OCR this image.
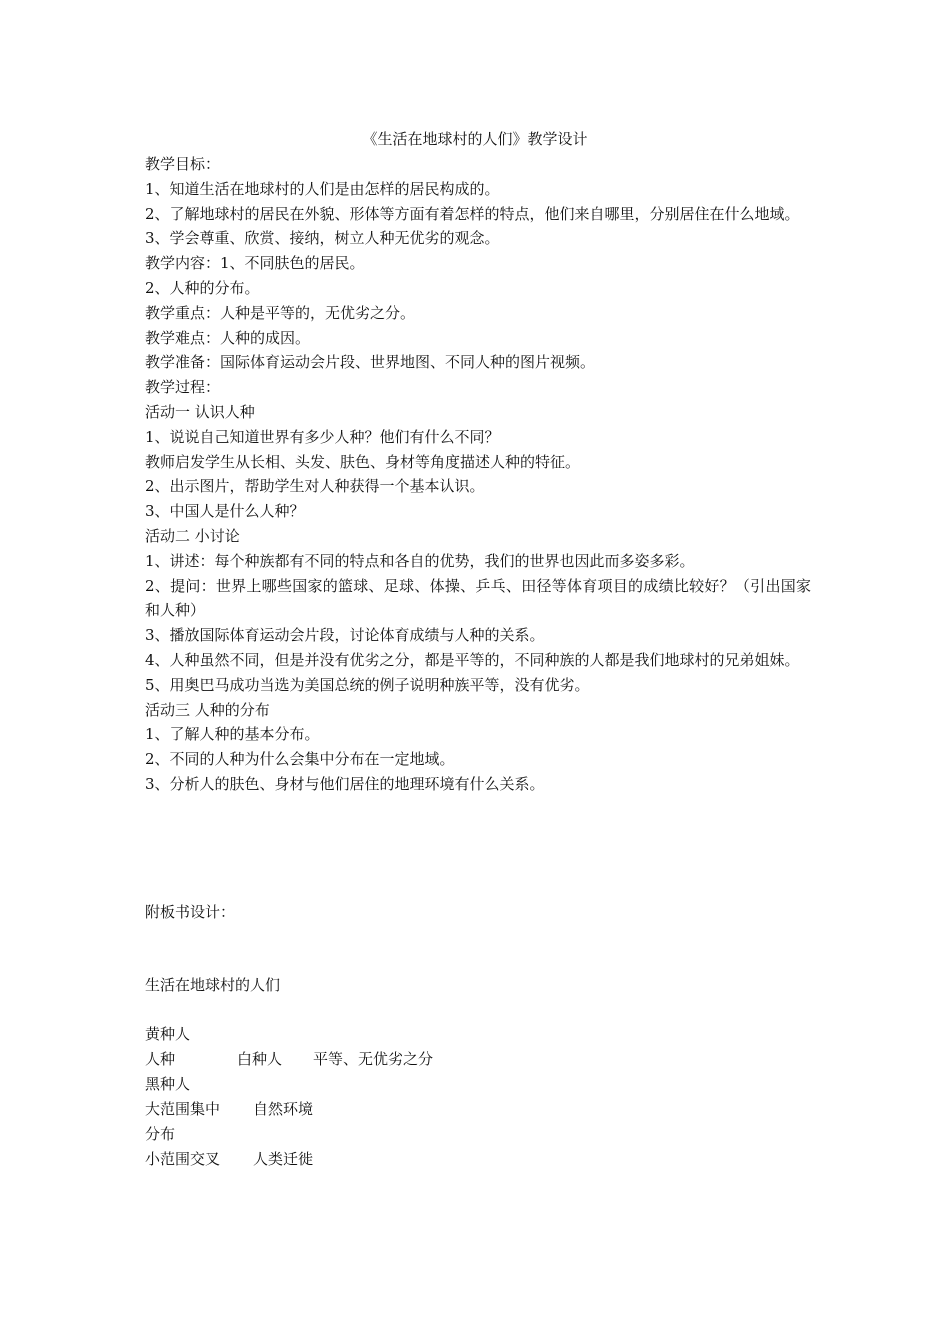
《生活在地球村的人们》教学设计
教学目标：
1、知道生活在地球村的人们是由怎样的居民构成的。
2、了解地球村的居民在外貌、形体等方面有着怎样的特点，他们来自哪里，分别居住在什么地域。
3、学会尊重、欣赏、接纳，树立人种无优劣的观念。
教学内容：1、不同肤色的居民。
2、人种的分布。
教学重点：人种是平等的，无优劣之分。
教学难点：人种的成因。
教学准备：国际体育运动会片段、世界地图、不同人种的图片视频。
教学过程：
活动一 认识人种
1、说说自己知道世界有多少人种？他们有什么不同？
教师启发学生从长相、头发、肤色、身材等角度描述人种的特征。
2、出示图片，帮助学生对人种获得一个基本认识。
3、中国人是什么人种？
活动二 小讨论
1、讲述：每个种族都有不同的特点和各自的优势，我们的世界也因此而多姿多彩。
2、提问：世界上哪些国家的篮球、足球、体操、乒乓、田径等体育项目的成绩比较好？（引出国家和人种）
3、播放国际体育运动会片段，讨论体育成绩与人种的关系。
4、人种虽然不同，但是并没有优劣之分，都是平等的，不同种族的人都是我们地球村的兄弟姐妹。
5、用奥巴马成功当选为美国总统的例子说明种族平等，没有优劣。
活动三 人种的分布
1、了解人种的基本分布。
2、不同的人种为什么会集中分布在一定地域。
3、分析人的肤色、身材与他们居住的地理环境有什么关系。
附板书设计：
生活在地球村的人们
黄种人
人种	白种人 平等、无优劣之分
黑种人
大范围集中 自然环境
分布
小范围交叉 人类迁徙
